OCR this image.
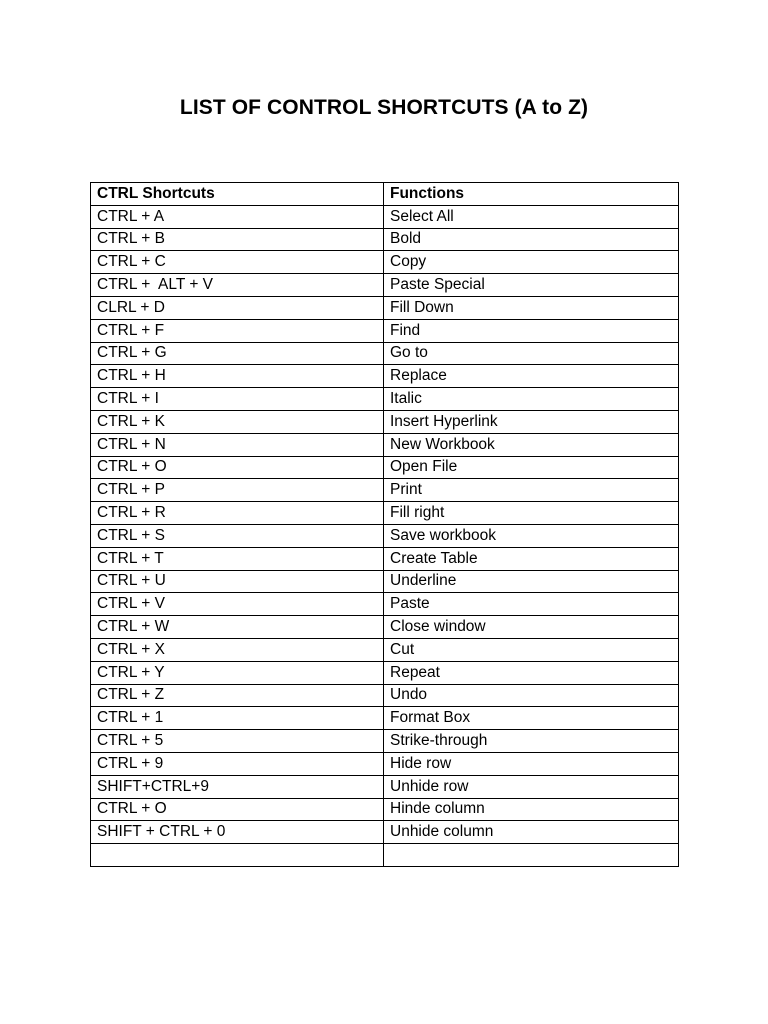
LIST OF CONTROL SHORTCUTS (A to Z)
CTRL Shortcuts	Functions
CTRL + A	Select All
CTRL + B	Bold
CTRL + C	Copy
CTRL +  ALT + V	Paste Special
CLRL + D	Fill Down
CTRL + F	Find
CTRL + G	Go to
CTRL + H	Replace
CTRL + I	Italic
CTRL + K	Insert Hyperlink
CTRL + N	New Workbook
CTRL + O	Open File
CTRL + P	Print
CTRL + R	Fill right
CTRL + S	Save workbook
CTRL + T	Create Table
CTRL + U	Underline
CTRL + V	Paste
CTRL + W	Close window
CTRL + X	Cut
CTRL + Y	Repeat
CTRL + Z	Undo
CTRL + 1	Format Box
CTRL + 5	Strike-through
CTRL + 9	Hide row
SHIFT+CTRL+9	Unhide row
CTRL + O	Hinde column
SHIFT + CTRL + 0	Unhide column
